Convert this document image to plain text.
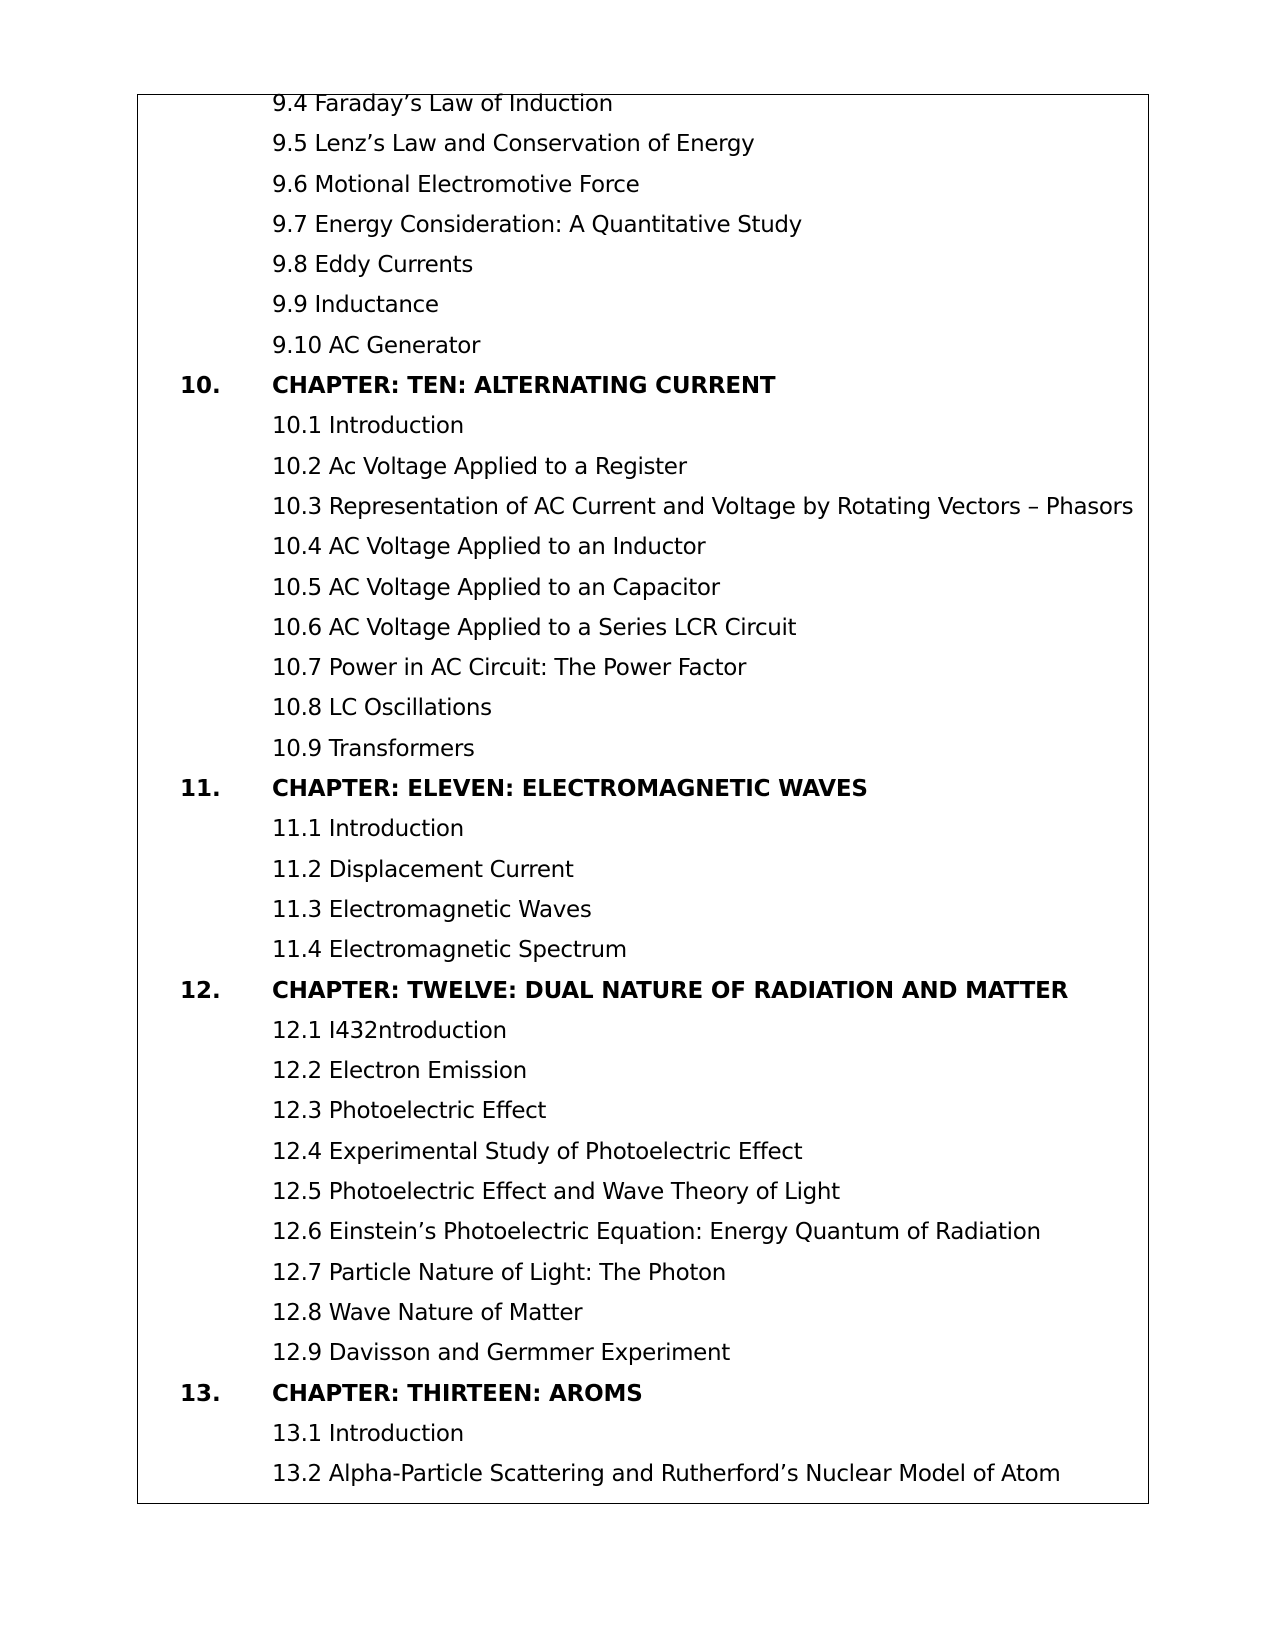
9.4 Faraday’s Law of Induction
9.5 Lenz’s Law and Conservation of Energy
9.6 Motional Electromotive Force
9.7 Energy Consideration: A Quantitative Study
9.8 Eddy Currents
9.9 Inductance
9.10 AC Generator
10. CHAPTER: TEN: ALTERNATING CURRENT
10.1 Introduction
10.2 Ac Voltage Applied to a Register
10.3 Representation of AC Current and Voltage by Rotating Vectors – Phasors
10.4 AC Voltage Applied to an Inductor
10.5 AC Voltage Applied to an Capacitor
10.6 AC Voltage Applied to a Series LCR Circuit
10.7 Power in AC Circuit: The Power Factor
10.8 LC Oscillations
10.9 Transformers
11. CHAPTER: ELEVEN: ELECTROMAGNETIC WAVES
11.1 Introduction
11.2 Displacement Current
11.3 Electromagnetic Waves
11.4 Electromagnetic Spectrum
12. CHAPTER: TWELVE: DUAL NATURE OF RADIATION AND MATTER
12.1 I432ntroduction
12.2 Electron Emission
12.3 Photoelectric Effect
12.4 Experimental Study of Photoelectric Effect
12.5 Photoelectric Effect and Wave Theory of Light
12.6 Einstein’s Photoelectric Equation: Energy Quantum of Radiation
12.7 Particle Nature of Light: The Photon
12.8 Wave Nature of Matter
12.9 Davisson and Germmer Experiment
13. CHAPTER: THIRTEEN: AROMS
13.1 Introduction
13.2 Alpha-Particle Scattering and Rutherford’s Nuclear Model of Atom
